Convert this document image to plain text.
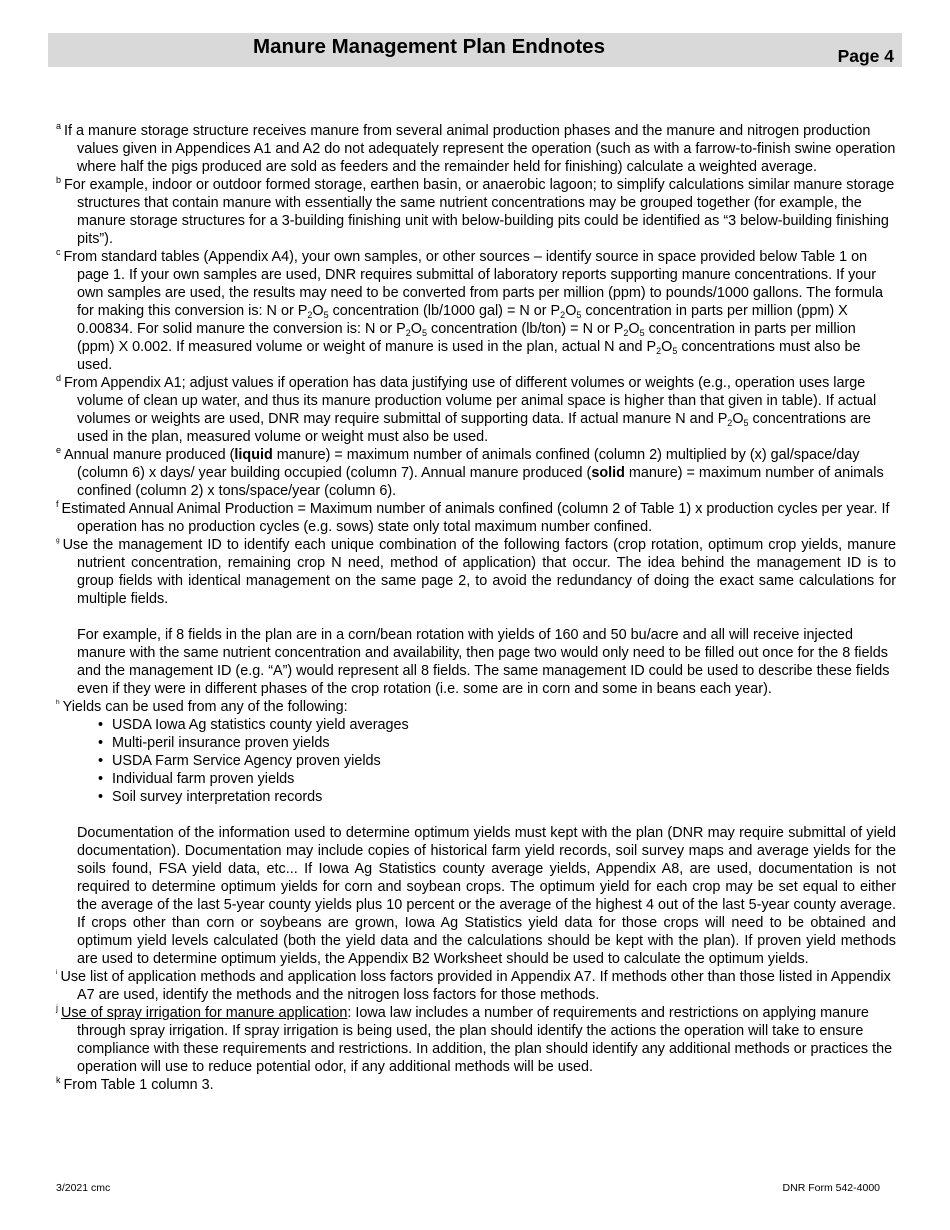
Manure Management Plan Endnotes	Page 4

$^a$ If a manure storage structure receives manure from several animal production phases and the manure and nitrogen production values given in Appendices A1 and A2 do not adequately represent the operation (such as with a farrow-to-finish swine operation where half the pigs produced are sold as feeders and the remainder held for finishing) calculate a weighted average.

$^b$ For example, indoor or outdoor formed storage, earthen basin, or anaerobic lagoon; to simplify calculations similar manure storage structures that contain manure with essentially the same nutrient concentrations may be grouped together (for example, the manure storage structures for a 3-building finishing unit with below-building pits could be identified as “3 below-building finishing pits”).

$^c$ From standard tables (Appendix A4), your own samples, or other sources – identify source in space provided below Table 1 on page 1. If your own samples are used, DNR requires submittal of laboratory reports supporting manure concentrations. If your own samples are used, the results may need to be converted from parts per million (ppm) to pounds/1000 gallons. The formula for making this conversion is: N or $P_2O_5$ concentration (lb/1000 gal) = N or $P_2O_5$ concentration in parts per million (ppm) X 0.00834. For solid manure the conversion is: N or $P_2O_5$ concentration (lb/ton) = N or $P_2O_5$ concentration in parts per million (ppm) X 0.002. If measured volume or weight of manure is used in the plan, actual N and $P_2O_5$ concentrations must also be used.

$^d$ From Appendix A1; adjust values if operation has data justifying use of different volumes or weights (e.g., operation uses large volume of clean up water, and thus its manure production volume per animal space is higher than that given in table). If actual volumes or weights are used, DNR may require submittal of supporting data. If actual manure N and $P_2O_5$ concentrations are used in the plan, measured volume or weight must also be used.

$^e$ Annual manure produced (liquid manure) = maximum number of animals confined (column 2) multiplied by (x) gal/space/day (column 6) x days/ year building occupied (column 7). Annual manure produced (solid manure) = maximum number of animals confined (column 2) x tons/space/year (column 6).

$^f$ Estimated Annual Animal Production = Maximum number of animals confined (column 2 of Table 1) x production cycles per year. If operation has no production cycles (e.g. sows) state only total maximum number confined.

$^g$ Use the management ID to identify each unique combination of the following factors (crop rotation, optimum crop yields, manure nutrient concentration, remaining crop N need, method of application) that occur. The idea behind the management ID is to group fields with identical management on the same page 2, to avoid the redundancy of doing the exact same calculations for multiple fields.

For example, if 8 fields in the plan are in a corn/bean rotation with yields of 160 and 50 bu/acre and all will receive injected manure with the same nutrient concentration and availability, then page two would only need to be filled out once for the 8 fields and the management ID (e.g. “A”) would represent all 8 fields. The same management ID could be used to describe these fields even if they were in different phases of the crop rotation (i.e. some are in corn and some in beans each year).

$^h$ Yields can be used from any of the following:

• USDA Iowa Ag statistics county yield averages
• Multi-peril insurance proven yields
• USDA Farm Service Agency proven yields
• Individual farm proven yields
• Soil survey interpretation records

Documentation of the information used to determine optimum yields must kept with the plan (DNR may require submittal of yield documentation). Documentation may include copies of historical farm yield records, soil survey maps and average yields for the soils found, FSA yield data, etc... If Iowa Ag Statistics county average yields, Appendix A8, are used, documentation is not required to determine optimum yields for corn and soybean crops. The optimum yield for each crop may be set equal to either the average of the last 5-year county yields plus 10 percent or the average of the highest 4 out of the last 5-year county average. If crops other than corn or soybeans are grown, Iowa Ag Statistics yield data for those crops will need to be obtained and optimum yield levels calculated (both the yield data and the calculations should be kept with the plan). If proven yield methods are used to determine optimum yields, the Appendix B2 Worksheet should be used to calculate the optimum yields.

$^i$ Use list of application methods and application loss factors provided in Appendix A7. If methods other than those listed in Appendix A7 are used, identify the methods and the nitrogen loss factors for those methods.

$^j$ Use of spray irrigation for manure application: Iowa law includes a number of requirements and restrictions on applying manure through spray irrigation. If spray irrigation is being used, the plan should identify the actions the operation will take to ensure compliance with these requirements and restrictions. In addition, the plan should identify any additional methods or practices the operation will use to reduce potential odor, if any additional methods will be used.

$^k$ From Table 1 column 3.

3/2021 cmc	DNR Form 542-4000
